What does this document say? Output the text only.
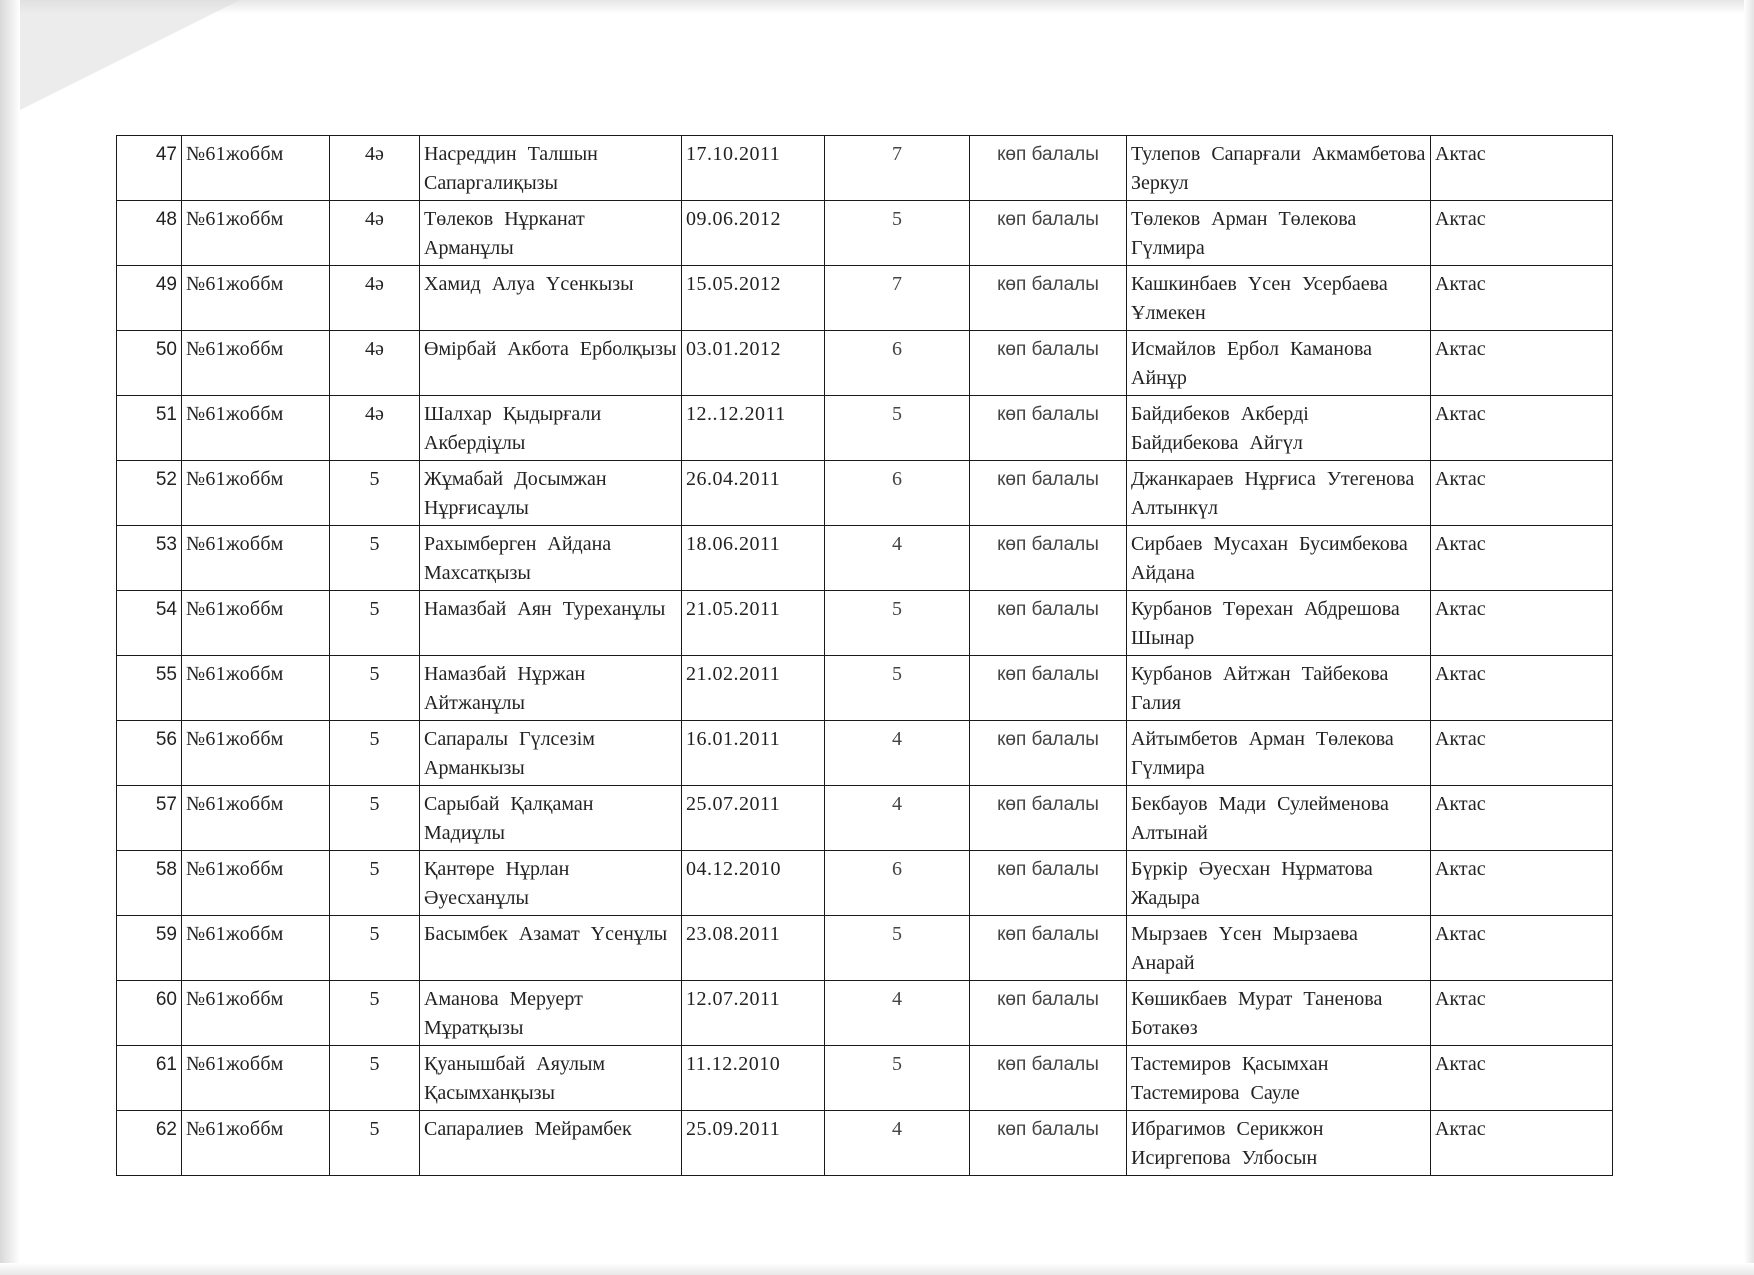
47	№61жоббм	4ә	Насреддин Талшын Сапаргалиқызы	17.10.2011	7	көп балалы	Тулепов Сапарғали Акмамбетова Зеркул	Актас
48	№61жоббм	4ә	Төлеков Нұрканат Арманұлы	09.06.2012	5	көп балалы	Төлеков Арман Төлекова Гүлмира	Актас
49	№61жоббм	4ә	Хамид Алуа Үсенкызы	15.05.2012	7	көп балалы	Кашкинбаев Үсен Усербаева Ұлмекен	Актас
50	№61жоббм	4ә	Өмірбай Акбота Ерболқызы	03.01.2012	6	көп балалы	Исмайлов Ербол Каманова Айнұр	Актас
51	№61жоббм	4ә	Шалхар Қыдырғали Акбердіұлы	12..12.2011	5	көп балалы	Байдибеков Акберді Байдибекова Айгүл	Актас
52	№61жоббм	5	Жұмабай Досымжан Нұрғисаұлы	26.04.2011	6	көп балалы	Джанкараев Нұрғиса Утегенова Алтынкүл	Актас
53	№61жоббм	5	Рахымберген Айдана Махсатқызы	18.06.2011	4	көп балалы	Сирбаев Мусахан Бусимбекова Айдана	Актас
54	№61жоббм	5	Намазбай Аян Туреханұлы	21.05.2011	5	көп балалы	Курбанов Төрехан Абдрешова Шынар	Актас
55	№61жоббм	5	Намазбай Нұржан Айтжанұлы	21.02.2011	5	көп балалы	Курбанов Айтжан Тайбекова Галия	Актас
56	№61жоббм	5	Сапаралы Гүлсезім Арманкызы	16.01.2011	4	көп балалы	Айтымбетов Арман Төлекова Гүлмира	Актас
57	№61жоббм	5	Сарыбай Қалқаман Мадиұлы	25.07.2011	4	көп балалы	Бекбауов Мади Сулейменова Алтынай	Актас
58	№61жоббм	5	Қантөре Нұрлан Әуесханұлы	04.12.2010	6	көп балалы	Бүркір Әуесхан Нұрматова Жадыра	Актас
59	№61жоббм	5	Басымбек Азамат Үсенұлы	23.08.2011	5	көп балалы	Мырзаев Үсен Мырзаева Анарай	Актас
60	№61жоббм	5	Аманова Меруерт Мұратқызы	12.07.2011	4	көп балалы	Көшикбаев Мурат Таненова Ботакөз	Актас
61	№61жоббм	5	Қуанышбай Аяулым Қасымханқызы	11.12.2010	5	көп балалы	Тастемиров Қасымхан Тастемирова Сауле	Актас
62	№61жоббм	5	Сапаралиев Мейрамбек	25.09.2011	4	көп балалы	Ибрагимов Серикжон Исиргепова Улбосын	Актас
